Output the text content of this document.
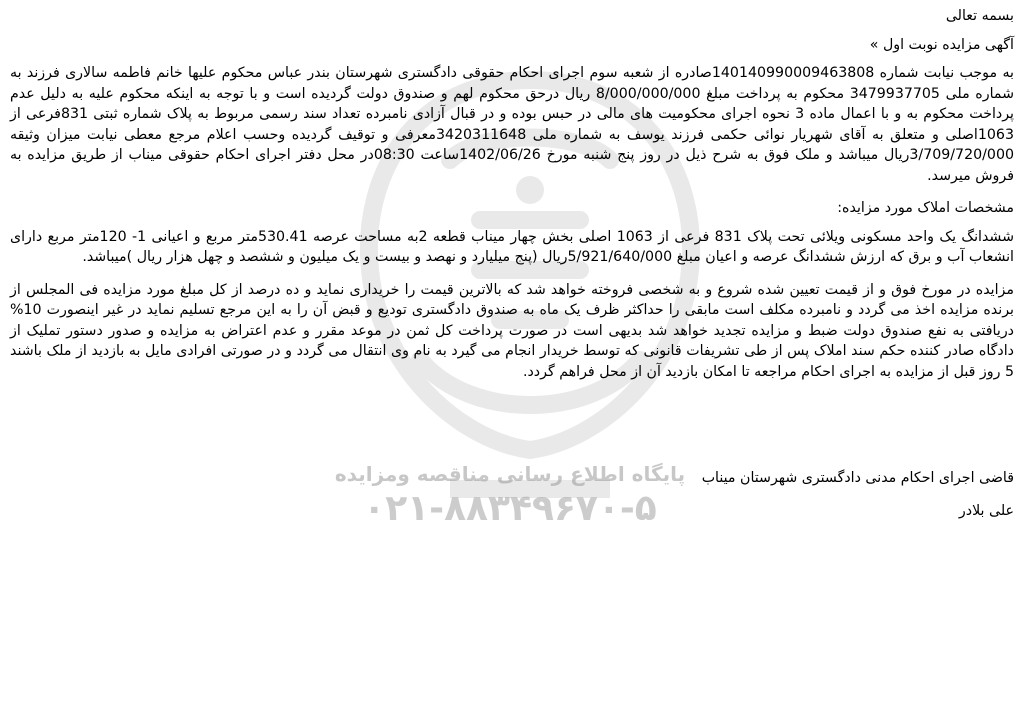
پایگاه اطلاع رسانی مناقصه ومزایده
۰۲۱-۸۸۳۴۹۶۷۰-۵
بسمه تعالی
آگهی مزایده نوبت اول »

به موجب نیابت شماره 140140990009463808صادره از شعبه سوم اجرای احکام حقوقی دادگستری شهرستان بندر عباس محکوم علیها خانم فاطمه سالاری فرزند به شماره ملی 3479937705 محکوم به پرداخت مبلغ 8/000/000/000 ریال درحق محکوم لهم و صندوق دولت گردیده است و با توجه به اینکه محکوم علیه به دلیل عدم پرداخت محکوم به و با اعمال ماده 3 نحوه اجرای محکومیت های مالی در حبس بوده و در قبال آزادی نامبرده تعداد سند رسمی مربوط به پلاک شماره ثبتی 831فرعی از 1063اصلی و متعلق به آقای شهریار نوائی حکمی فرزند یوسف به شماره ملی 3420311648معرفی و توقیف گردیده وحسب اعلام مرجع معطی نیابت میزان وثیقه 3/709/720/000ریال میباشد و ملک فوق به شرح ذیل در روز پنج شنبه مورخ 1402/06/26ساعت 08:30در محل دفتر اجرای احکام حقوقی میناب از طریق مزایده به فروش میرسد.

مشخصات املاک مورد مزایده:

ششدانگ یک واحد مسکونی ویلائی تحت پلاک 831 فرعی از 1063 اصلی بخش چهار میناب قطعه 2به مساحت عرصه 530.41متر مربع و اعیانی 1- 120متر مربع دارای انشعاب آب و برق که ارزش ششدانگ عرصه و اعیان مبلغ 5/921/640/000ریال (پنج میلیارد و نهصد و بیست و یک میلیون و ششصد و چهل هزار ریال )میباشد.

مزایده در مورخ فوق و از قیمت تعیین شده شروع و به شخصی فروخته خواهد شد که بالاترین قیمت را خریداری نماید و ده درصد از کل مبلغ مورد مزایده فی المجلس از برنده مزایده اخذ می گردد و نامبرده مکلف است مابقی را حداکثر ظرف یک ماه به صندوق دادگستری تودیع و قبض آن را به این مرجع تسلیم نماید در غیر اینصورت 10% دریافتی به نفع صندوق دولت ضبط و مزایده تجدید خواهد شد بدیهی است در صورت پرداخت کل ثمن در موعد مقرر و عدم اعتراض به مزایده و صدور دستور تملیک از دادگاه صادر کننده حکم سند املاک پس از طی تشریفات قانونی که توسط خریدار انجام می گیرد به نام وی انتقال می گردد و در صورتی افرادی مایل به بازدید از ملک باشند 5 روز قبل از مزایده به اجرای احکام مراجعه تا امکان بازدید آن از محل فراهم گردد.

قاضی اجرای احکام مدنی دادگستری شهرستان میناب
علی بلادر
